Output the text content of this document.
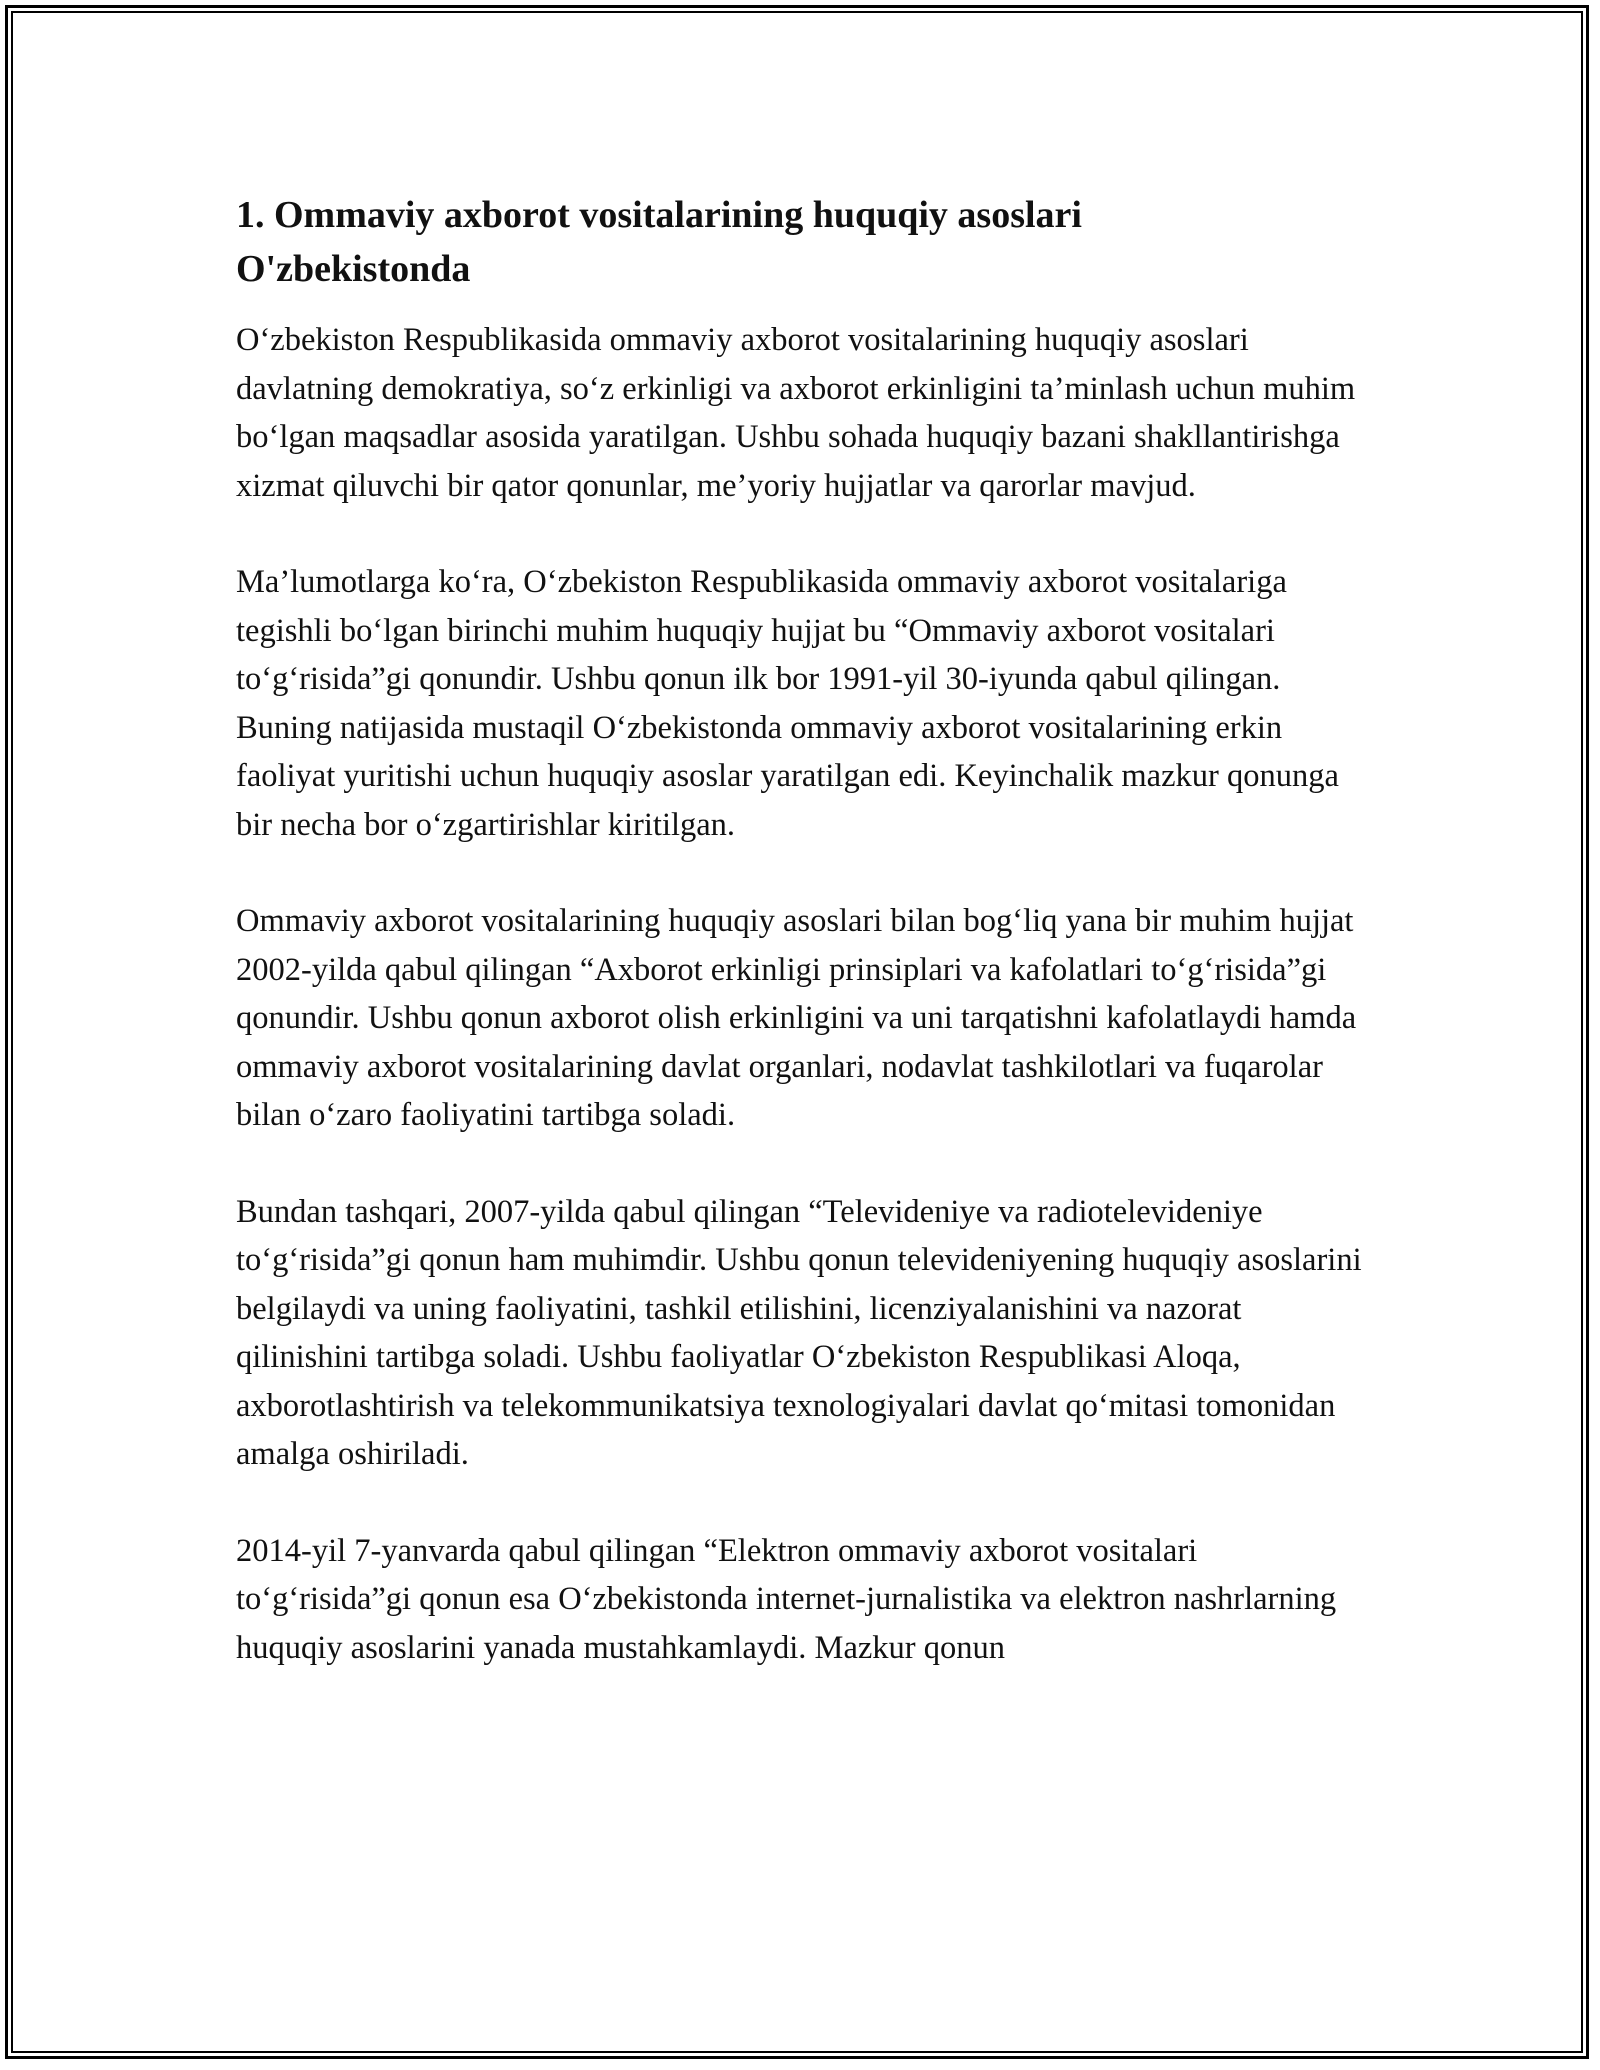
1. Ommaviy axborot vositalarining huquqiy asoslari
O'zbekistonda

O‘zbekiston Respublikasida ommaviy axborot vositalarining huquqiy asoslari davlatning demokratiya, so‘z erkinligi va axborot erkinligini ta’minlash uchun muhim bo‘lgan maqsadlar asosida yaratilgan. Ushbu sohada huquqiy bazani shakllantirishga xizmat qiluvchi bir qator qonunlar, me’yoriy hujjatlar va qarorlar mavjud.

Ma’lumotlarga ko‘ra, O‘zbekiston Respublikasida ommaviy axborot vositalariga tegishli bo‘lgan birinchi muhim huquqiy hujjat bu “Ommaviy axborot vositalari to‘g‘risida”gi qonundir. Ushbu qonun ilk bor 1991-yil 30-iyunda qabul qilingan. Buning natijasida mustaqil O‘zbekistonda ommaviy axborot vositalarining erkin faoliyat yuritishi uchun huquqiy asoslar yaratilgan edi. Keyinchalik mazkur qonunga bir necha bor o‘zgartirishlar kiritilgan.

Ommaviy axborot vositalarining huquqiy asoslari bilan bog‘liq yana bir muhim hujjat 2002-yilda qabul qilingan “Axborot erkinligi prinsiplari va kafolatlari to‘g‘risida”gi qonundir. Ushbu qonun axborot olish erkinligini va uni tarqatishni kafolatlaydi hamda ommaviy axborot vositalarining davlat organlari, nodavlat tashkilotlari va fuqarolar bilan o‘zaro faoliyatini tartibga soladi.

Bundan tashqari, 2007-yilda qabul qilingan “Televideniye va radiotelevideniye to‘g‘risida”gi qonun ham muhimdir. Ushbu qonun televideniyening huquqiy asoslarini belgilaydi va uning faoliyatini, tashkil etilishini, licenziyalanishini va nazorat qilinishini tartibga soladi. Ushbu faoliyatlar O‘zbekiston Respublikasi Aloqa, axborotlashtirish va telekommunikatsiya texnologiyalari davlat qo‘mitasi tomonidan amalga oshiriladi.

2014-yil 7-yanvarda qabul qilingan “Elektron ommaviy axborot vositalari to‘g‘risida”gi qonun esa O‘zbekistonda internet-jurnalistika va elektron nashrlarning huquqiy asoslarini yanada mustahkamlaydi. Mazkur qonun
